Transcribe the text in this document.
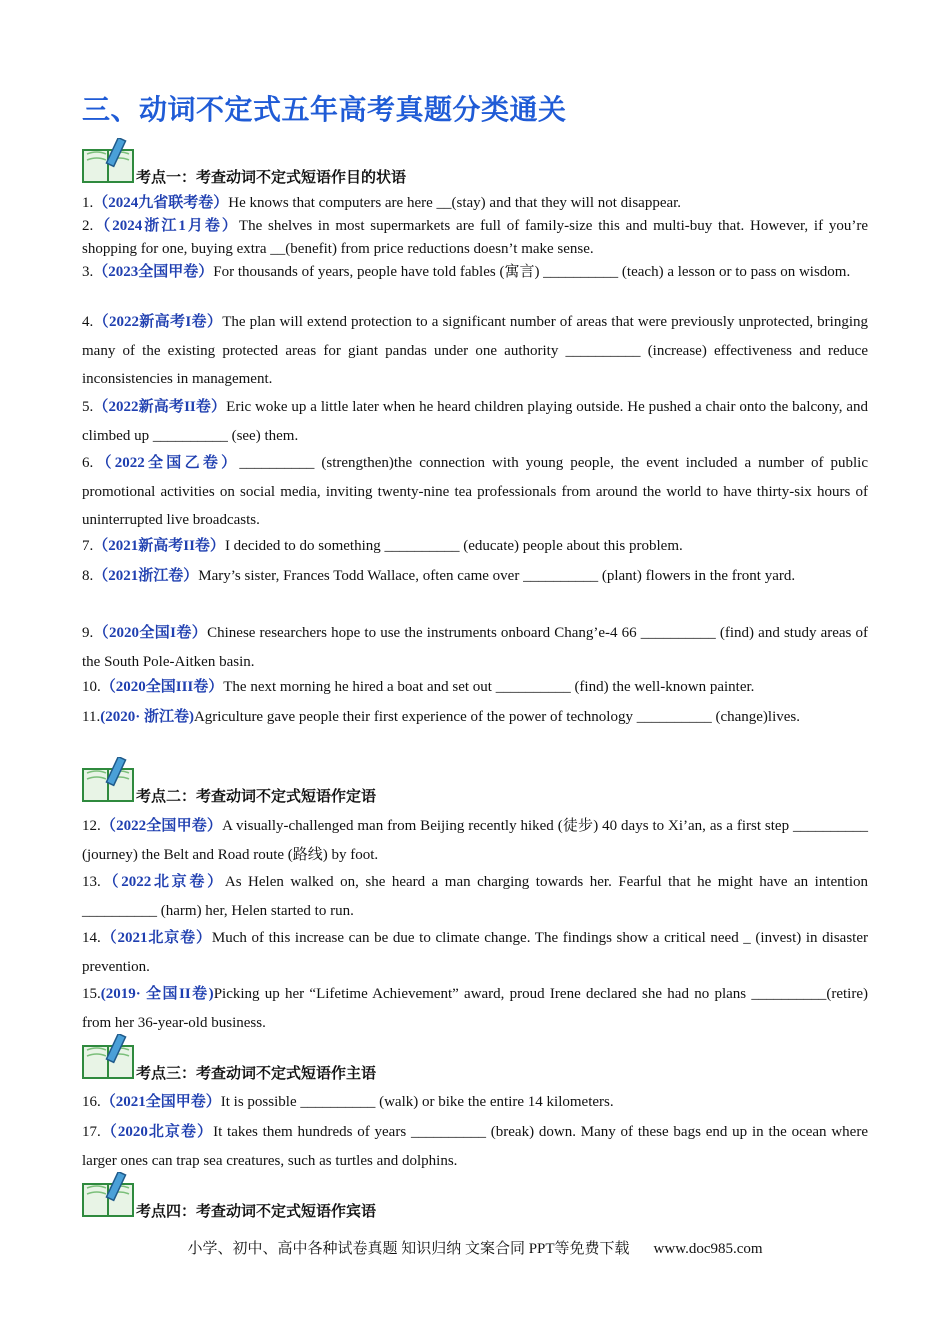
三、动词不定式五年高考真题分类通关
考点一：考查动词不定式短语作目的状语

1.（2024九省联考卷）He knows that computers are here __(stay) and that they will not disappear.

2.（2024浙江1月卷）The shelves in most supermarkets are full of family-size this and multi-buy that. However, if you’re shopping for one, buying extra __(benefit) from price reductions doesn’t make sense.

3.（2023全国甲卷）For thousands of years, people have told fables (寓言) __________ (teach) a lesson or to pass on wisdom.

4.（2022新高考I卷）The plan will extend protection to a significant number of areas that were previously unprotected, bringing many of the existing protected areas for giant pandas under one authority __________ (increase) effectiveness and reduce inconsistencies in management.

5.（2022新高考II卷）Eric woke up a little later when he heard children playing outside. He pushed a chair onto the balcony, and climbed up __________ (see) them.

6.（2022全国乙卷）__________ (strengthen)the connection with young people, the event included a number of public promotional activities on social media, inviting twenty-nine tea professionals from around the world to have thirty-six hours of uninterrupted live broadcasts.

7.（2021新高考II卷）I decided to do something __________ (educate) people about this problem.

8.（2021浙江卷）Mary’s sister, Frances Todd Wallace, often came over __________ (plant) flowers in the front yard.

9.（2020全国I卷）Chinese researchers hope to use the instruments onboard Chang’e-4 66 __________ (find) and study areas of the South Pole-Aitken basin.

10.（2020全国III卷）The next morning he hired a boat and set out __________ (find) the well-known painter.

11.(2020· 浙江卷)Agriculture gave people their first experience of the power of technology __________ (change)lives.

考点二：考查动词不定式短语作定语

12.（2022全国甲卷）A visually-challenged man from Beijing recently hiked (徒步) 40 days to Xi’an, as a first step __________ (journey) the Belt and Road route (路线) by foot.

13.（2022北京卷）As Helen walked on, she heard a man charging towards her. Fearful that he might have an intention __________ (harm) her, Helen started to run.

14.（2021北京卷）Much of this increase can be due to climate change. The findings show a critical need _ (invest) in disaster prevention.

15.(2019· 全国II卷)Picking up her “Lifetime Achievement” award, proud Irene declared she had no plans __________(retire) from her 36-year-old business.

考点三：考查动词不定式短语作主语

16.（2021全国甲卷）It is possible __________ (walk) or bike the entire 14 kilometers.

17.（2020北京卷）It takes them hundreds of years __________ (break) down. Many of these bags end up in the ocean where larger ones can trap sea creatures, such as turtles and dolphins.

考点四：考查动词不定式短语作宾语
小学、初中、高中各种试卷真题 知识归纳 文案合同 PPT等免费下载 www.doc985.com
